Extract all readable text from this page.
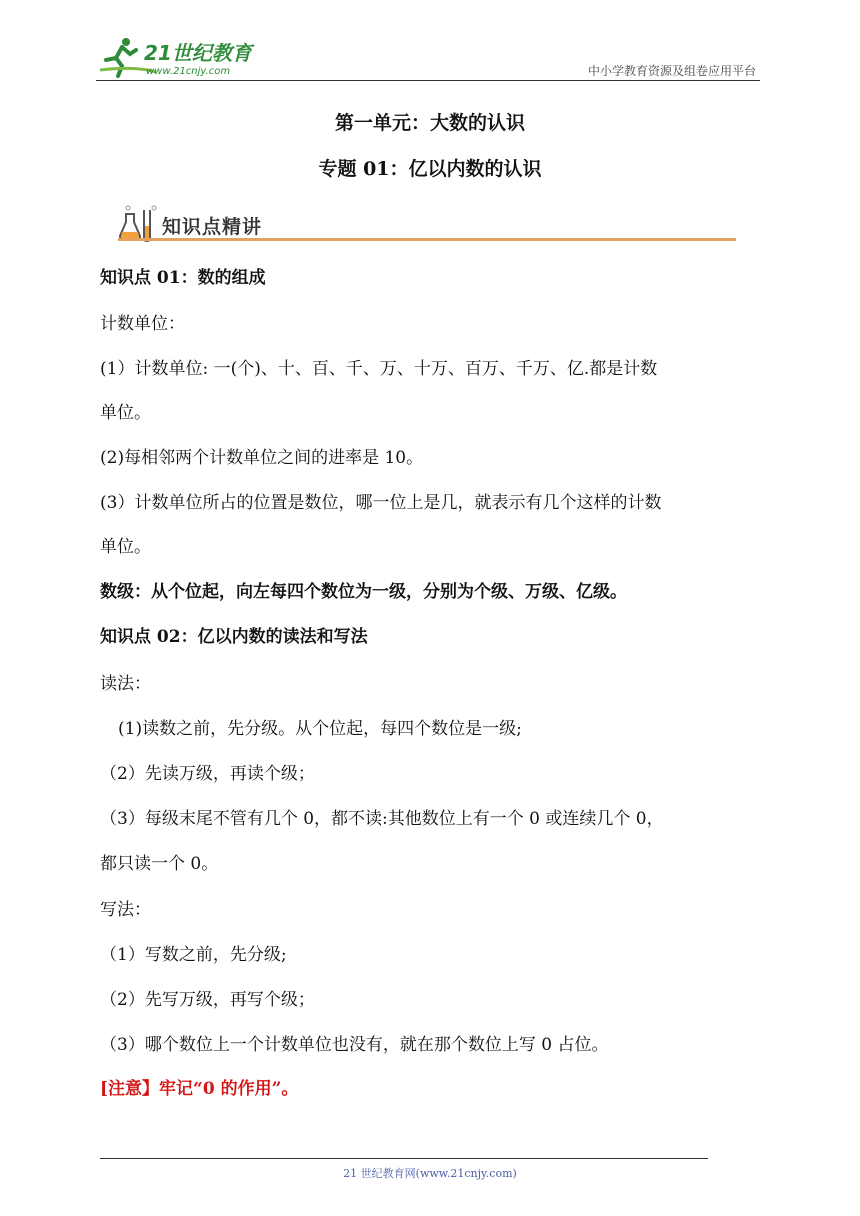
21世纪教育
www.21cnjy.com	中小学教育资源及组卷应用平台
第一单元：大数的认识
专题 01：亿以内数的认识
知识点精讲
知识点 01：数的组成
计数单位：
(1）计数单位: 一(个)、十、百、千、万、十万、百万、千万、亿.都是计数
单位。
(2)每相邻两个计数单位之间的进率是 10。
(3）计数单位所占的位置是数位，哪一位上是几，就表示有几个这样的计数
单位。
数级：从个位起，向左每四个数位为一级，分别为个级、万级、亿级。
知识点 02：亿以内数的读法和写法
读法：
(1)读数之前，先分级。从个位起，每四个数位是一级;
（2）先读万级，再读个级；
（3）每级末尾不管有几个 0，都不读:其他数位上有一个 0 或连续几个 0，
都只读一个 0。
写法：
（1）写数之前，先分级;
（2）先写万级，再写个级；
（3）哪个数位上一个计数单位也没有，就在那个数位上写 0 占位。
[注意】牢记“0 的作用”。
21 世纪教育网(www.21cnjy.com)
